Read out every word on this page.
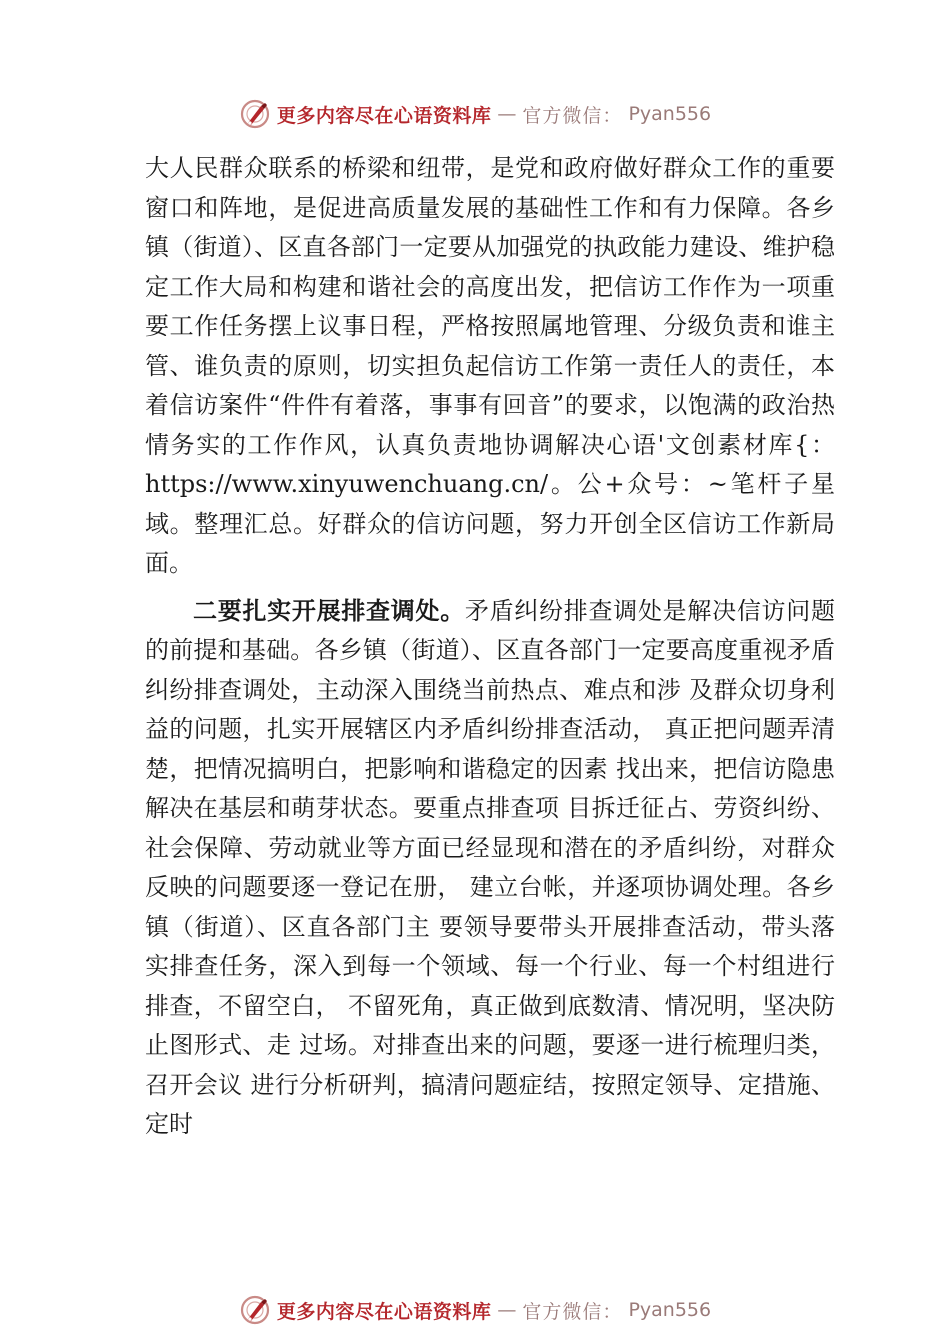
更多内容尽在心语资料库 — 官方微信： Pyan556

大人民群众联系的桥梁和纽带，是党和政府做好群众工作的重要窗口和阵地，是促进高质量发展的基础性工作和有力保障。各乡镇（街道）、区直各部门一定要从加强党的执政能力建设、维护稳定工作大局和构建和谐社会的高度出发，把信访工作作为一项重要工作任务摆上议事日程，严格按照属地管理、分级负责和谁主管、谁负责的原则，切实担负起信访工作第一责任人的责任，本着信访案件“件件有着落，事事有回音”的要求，以饱满的政治热情务实的工作作风，认真负责地协调解决心语'文创素材库{：https://www.xinyuwenchuang.cn/。公+众号：~笔杆子星域。整理汇总。好群众的信访问题，努力开创全区信访工作新局面。

二要扎实开展排查调处。矛盾纠纷排查调处是解决信访问题的前提和基础。各乡镇（街道）、区直各部门一定要高度重视矛盾纠纷排查调处，主动深入围绕当前热点、难点和涉 及群众切身利益的问题，扎实开展辖区内矛盾纠纷排查活动， 真正把问题弄清楚，把情况搞明白，把影响和谐稳定的因素 找出来，把信访隐患解决在基层和萌芽状态。要重点排查项 目拆迁征占、劳资纠纷、社会保障、劳动就业等方面已经显现和潜在的矛盾纠纷，对群众反映的问题要逐一登记在册， 建立台帐，并逐项协调处理。各乡镇（街道）、区直各部门主 要领导要带头开展排查活动，带头落实排查任务，深入到每一个领域、每一个行业、每一个村组进行排查，不留空白， 不留死角，真正做到底数清、情况明，坚决防止图形式、走 过场。对排查出来的问题，要逐一进行梳理归类，召开会议 进行分析研判，搞清问题症结，按照定领导、定措施、定时

更多内容尽在心语资料库 — 官方微信： Pyan556
